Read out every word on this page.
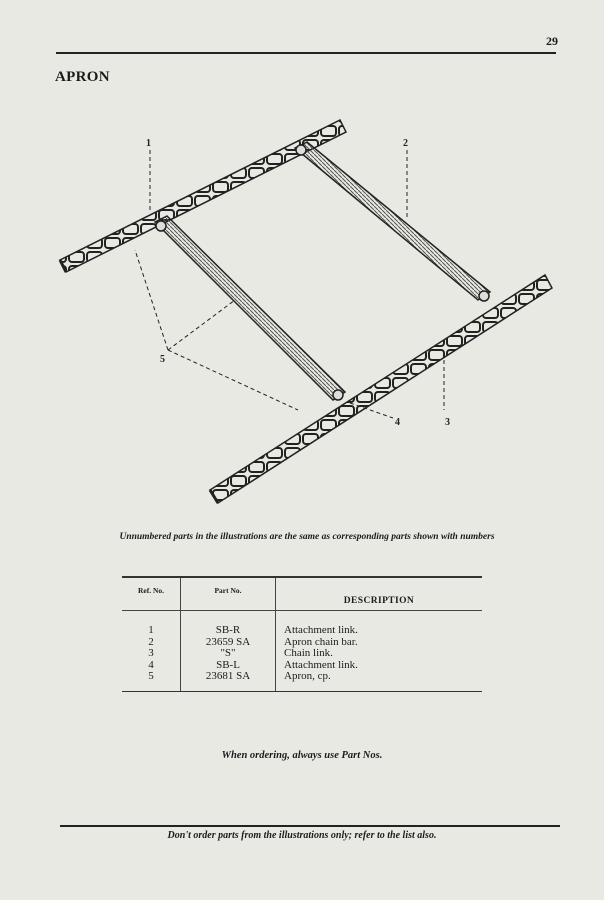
29
APRON
1	2
3
4
5
Unnumbered parts in the illustrations are the same as corresponding parts shown with numbers
Ref. No.	Part No.	DESCRIPTION

1	SB-R	Attachment link.
2	23659 SA	Apron chain bar.
3	"S"	Chain link.
4	SB-L	Attachment link.
5	23681 SA	Apron, cp.
When ordering, always use Part Nos.
Don't order parts from the illustrations only; refer to the list also.
